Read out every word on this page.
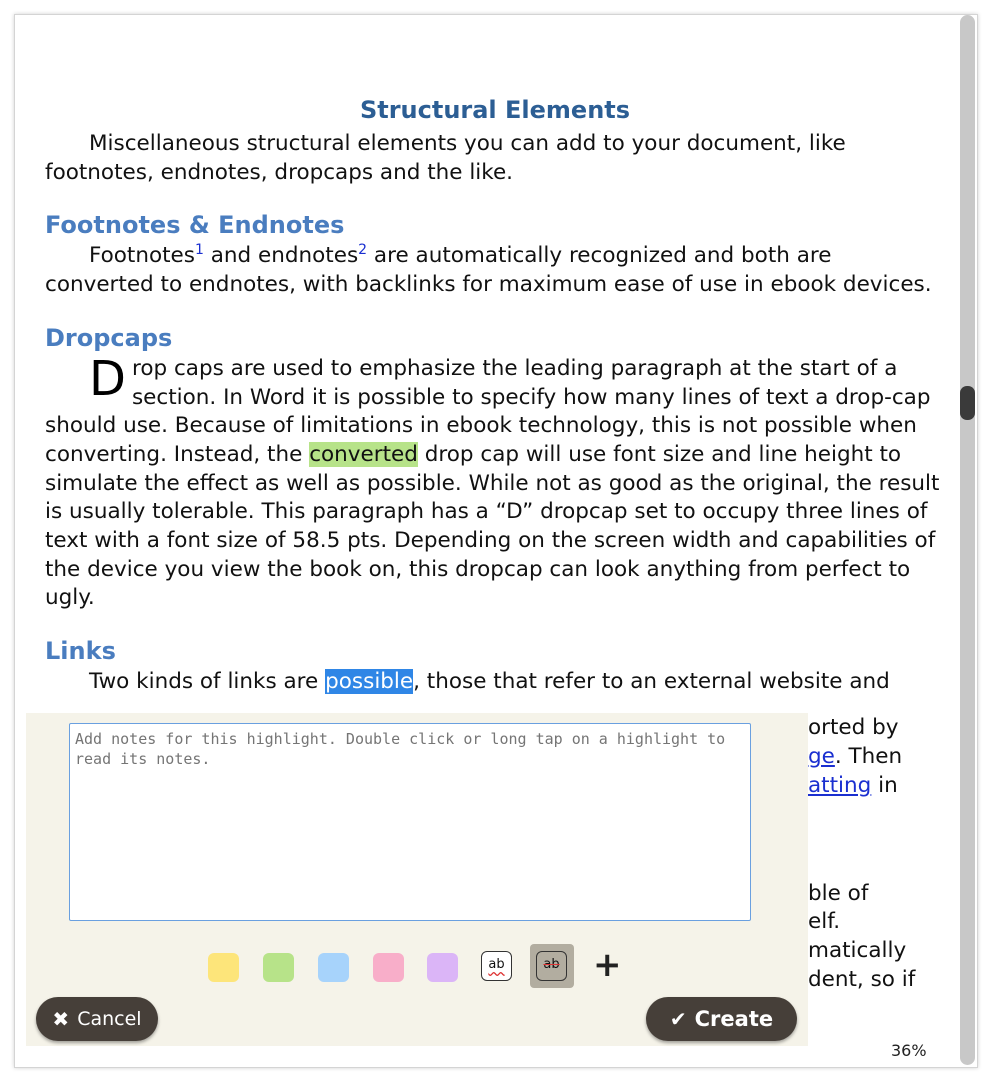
Structural Elements

Miscellaneous structural elements you can add to your document, like footnotes, endnotes, dropcaps and the like.

Footnotes & Endnotes

Footnotes$^1$ and endnotes$^2$ are automatically recognized and both are converted to endnotes, with backlinks for maximum ease of use in ebook devices.

Dropcaps

Drop caps are used to emphasize the leading paragraph at the start of a section. In Word it is possible to specify how many lines of text a drop-cap should use. Because of limitations in ebook technology, this is not possible when converting. Instead, the converted drop cap will use font size and line height to simulate the effect as well as possible. While not as good as the original, the result is usually tolerable. This paragraph has a “D” dropcap set to occupy three lines of text with a font size of 58.5 pts. Depending on the screen width and capabilities of the device you view the book on, this dropcap can look anything from perfect to ugly.

Links

Two kinds of links are possible, those that refer to an external website and

orted by
ge. Then
atting in
ble of
elf.
matically
dent, so if
36%
Add notes for this highlight. Double click or long tap on a highlight to read its notes.
ab	ab +
✖ Cancel	✔ Create
